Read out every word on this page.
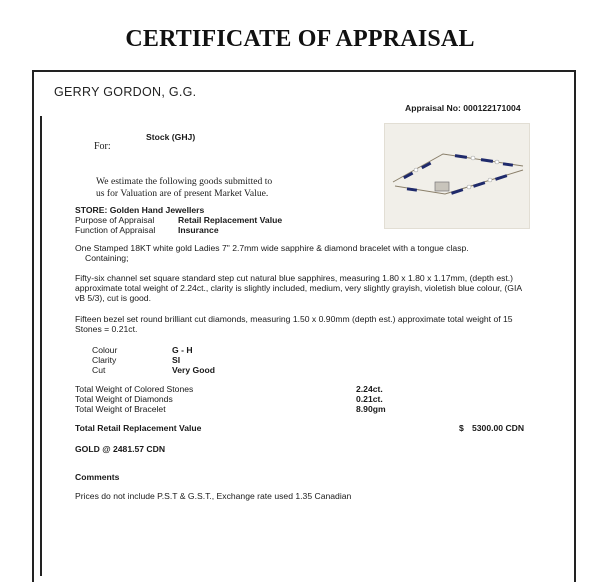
CERTIFICATE OF APPRAISAL
GERRY GORDON, G.G.
Appraisal No: 000122171004
For:
Stock (GHJ)
We estimate the following goods submitted to
us for Valuation are of present Market Value.
STORE: Golden Hand Jewellers
Purpose of Appraisal	Retail Replacement Value
Function of Appraisal	Insurance
One Stamped 18KT white gold Ladies 7" 2.7mm wide sapphire & diamond bracelet with a tongue clasp.
Containing;
Fifty-six channel set square standard step cut natural blue sapphires, measuring 1.80 x 1.80 x 1.17mm, (depth est.) approximate total weight of 2.24ct., clarity is slightly included, medium, very slightly grayish, violetish blue colour, (GIA vB 5/3), cut is good.
Fifteen bezel set round brilliant cut diamonds, measuring 1.50 x 0.90mm (depth est.) approximate total weight of 15 Stones = 0.21ct.
Colour	G - H
Clarity	SI
Cut	Very Good
Total Weight of Colored Stones	2.24ct.
Total Weight of Diamonds	0.21ct.
Total Weight of Bracelet	8.90gm
Total Retail Replacement Value	$ 5300.00 CDN
GOLD @ 2481.57 CDN
Comments
Prices do not include P.S.T & G.S.T., Exchange rate used 1.35 Canadian
